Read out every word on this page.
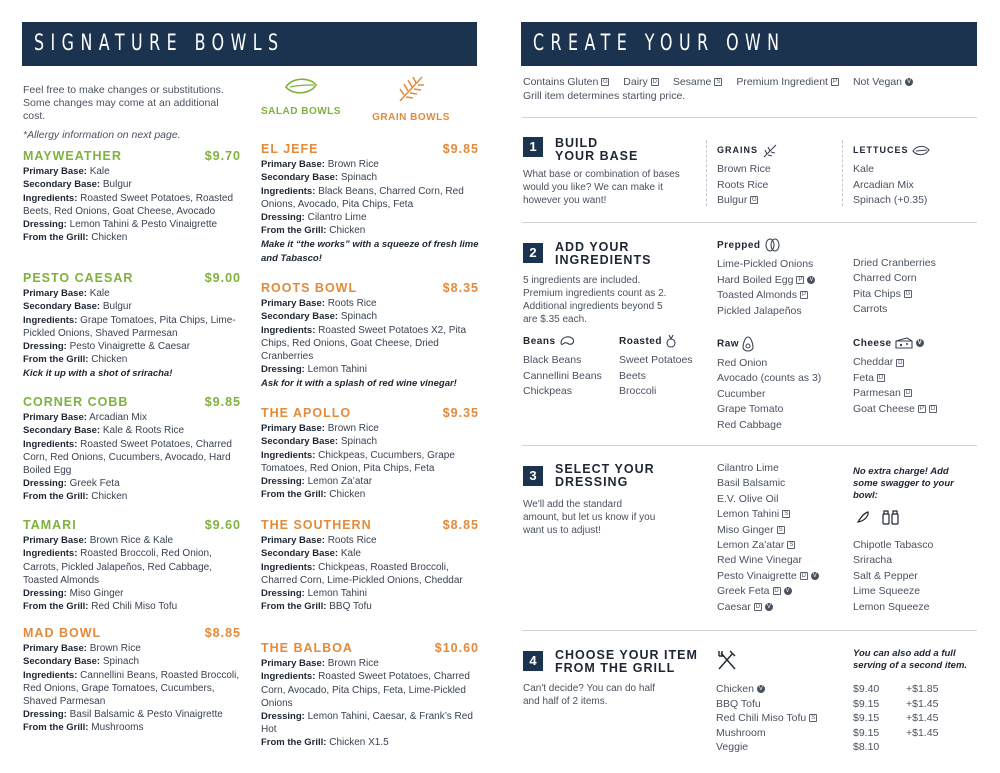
SIGNATURE BOWLS

Feel free to make changes or substitutions. Some changes may come at an additional cost.

*Allergy information on next page.

SALAD BOWLS
GRAIN BOWLS
MAYWEATHER	$9.70
Primary Base: Kale
Secondary Base: Bulgur
Ingredients: Roasted Sweet Potatoes, Roasted Beets, Red Onions, Goat Cheese, Avocado
Dressing: Lemon Tahini & Pesto Vinaigrette
From the Grill: Chicken
PESTO CAESAR	$9.00
Primary Base: Kale
Secondary Base: Bulgur
Ingredients: Grape Tomatoes, Pita Chips, Lime-Pickled Onions, Shaved Parmesan
Dressing: Pesto Vinaigrette & Caesar
From the Grill: Chicken
Kick it up with a shot of sriracha!
CORNER COBB	$9.85
Primary Base: Arcadian Mix
Secondary Base: Kale & Roots Rice
Ingredients: Roasted Sweet Potatoes, Charred Corn, Red Onions, Cucumbers, Avocado, Hard Boiled Egg
Dressing: Greek Feta
From the Grill: Chicken
TAMARI	$9.60
Primary Base: Brown Rice & Kale
Ingredients: Roasted Broccoli, Red Onion, Carrots, Pickled Jalapeños, Red Cabbage, Toasted Almonds
Dressing: Miso Ginger
From the Grill: Red Chili Miso Tofu
MAD BOWL	$8.85
Primary Base: Brown Rice
Secondary Base: Spinach
Ingredients: Cannellini Beans, Roasted Broccoli, Red Onions, Grape Tomatoes, Cucumbers, Shaved Parmesan
Dressing: Basil Balsamic & Pesto Vinaigrette
From the Grill: Mushrooms
EL JEFE	$9.85
Primary Base: Brown Rice
Secondary Base: Spinach
Ingredients: Black Beans, Charred Corn, Red Onions, Avocado, Pita Chips, Feta
Dressing: Cilantro Lime
From the Grill: Chicken
Make it “the works” with a squeeze of fresh lime and Tabasco!
ROOTS BOWL	$8.35
Primary Base: Roots Rice
Secondary Base: Spinach
Ingredients: Roasted Sweet Potatoes X2, Pita Chips, Red Onions, Goat Cheese, Dried Cranberries
Dressing: Lemon Tahini
Ask for it with a splash of red wine vinegar!
THE APOLLO	$9.35
Primary Base: Brown Rice
Secondary Base: Spinach
Ingredients: Chickpeas, Cucumbers, Grape Tomatoes, Red Onion, Pita Chips, Feta
Dressing: Lemon Za’atar
From the Grill: Chicken
THE SOUTHERN	$8.85
Primary Base: Roots Rice
Secondary Base: Kale
Ingredients: Chickpeas, Roasted Broccoli, Charred Corn, Lime-Pickled Onions, Cheddar
Dressing: Lemon Tahini
From the Grill: BBQ Tofu
THE BALBOA	$10.60
Primary Base: Brown Rice
Ingredients: Roasted Sweet Potatoes, Charred Corn, Avocado, Pita Chips, Feta, Lime-Pickled Onions
Dressing: Lemon Tahini, Caesar, & Frank’s Red Hot
From the Grill: Chicken X1.5
CREATE YOUR OWN
Contains Gluten G Dairy D Sesame S Premium Ingredient P Not Vegan V
Grill item determines starting price.
1	BUILD
YOUR BASE
What base or combination of bases would you like? We can make it however you want!
GRAINS
Brown Rice
Roots Rice
Bulgur G
LETTUCES
Kale
Arcadian Mix
Spinach (+0.35)
2	ADD YOUR
INGREDIENTS
5 ingredients are included. Premium ingredients count as 2. Additional ingredients beyond 5 are $.35 each.
Prepped
Lime-Pickled Onions
Hard Boiled Egg P V
Toasted Almonds P
Pickled Jalapeños
Dried Cranberries
Charred Corn
Pita Chips G
Carrots
Beans
Black Beans
Cannellini Beans
Chickpeas
Roasted
Sweet Potatoes
Beets
Broccoli
Raw
Red Onion
Avocado (counts as 3)
Cucumber
Grape Tomato
Red Cabbage
Cheese	V
Cheddar D
Feta D
Parmesan D
Goat Cheese P D
3	SELECT YOUR
DRESSING
We'll add the standard amount, but let us know if you want us to adjust!
Cilantro Lime
Basil Balsamic
E.V. Olive Oil
Lemon Tahini S
Miso Ginger S
Lemon Za'atar S
Red Wine Vinegar
Pesto Vinaigrette D V
Greek Feta D V
Caesar D V
No extra charge! Add some swagger to your bowl:

Chipotle Tabasco
Sriracha
Salt & Pepper
Lime Squeeze
Lemon Squeeze
4	CHOOSE YOUR ITEM
FROM THE GRILL
Can't decide? You can do half and half of 2 items.
You can also add a full serving of a second item.
Chicken V	$9.40	+$1.85
BBQ Tofu	$9.15	+$1.45
Red Chili Miso Tofu S	$9.15	+$1.45
Mushroom	$9.15	+$1.45
Veggie	$8.10
